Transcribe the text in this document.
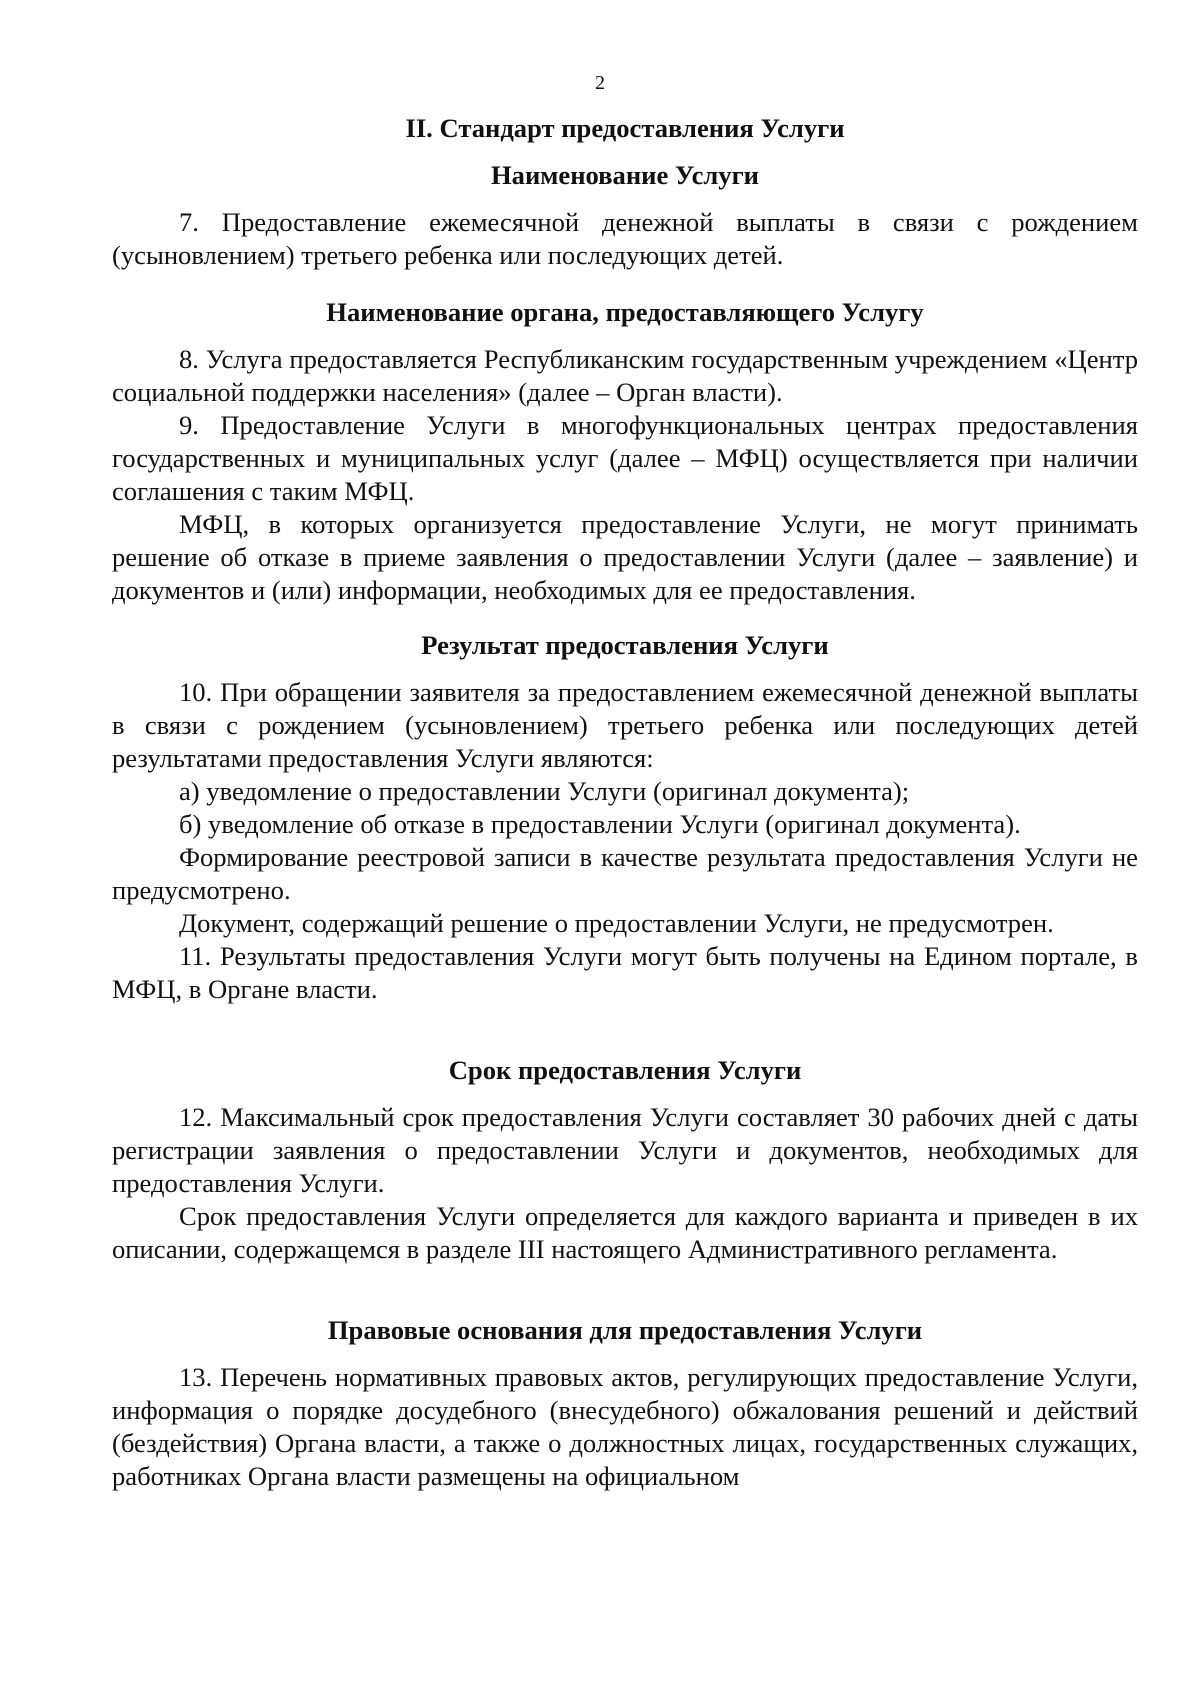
2
II. Стандарт предоставления Услуги
Наименование Услуги

7. Предоставление ежемесячной денежной выплаты в связи с рождением (усыновлением) третьего ребенка или последующих детей.

Наименование органа, предоставляющего Услугу

8. Услуга предоставляется Республиканским государственным учреждением «Центр социальной поддержки населения» (далее – Орган власти).

9. Предоставление Услуги в многофункциональных центрах предоставления государственных и муниципальных услуг (далее – МФЦ) осуществляется при наличии соглашения с таким МФЦ.

МФЦ, в которых организуется предоставление Услуги, не могут принимать решение об отказе в приеме заявления о предоставлении Услуги (далее – заявление) и документов и (или) информации, необходимых для ее предоставления.

Результат предоставления Услуги

10. При обращении заявителя за предоставлением ежемесячной денежной выплаты в связи с рождением (усыновлением) третьего ребенка или последующих детей результатами предоставления Услуги являются:

а) уведомление о предоставлении Услуги (оригинал документа);

б) уведомление об отказе в предоставлении Услуги (оригинал документа).

Формирование реестровой записи в качестве результата предоставления Услуги не предусмотрено.

Документ, содержащий решение о предоставлении Услуги, не предусмотрен.

11. Результаты предоставления Услуги могут быть получены на Едином портале, в МФЦ, в Органе власти.

Срок предоставления Услуги

12. Максимальный срок предоставления Услуги составляет 30 рабочих дней с даты регистрации заявления о предоставлении Услуги и документов, необходимых для предоставления Услуги.

Срок предоставления Услуги определяется для каждого варианта и приведен в их описании, содержащемся в разделе III настоящего Административного регламента.

Правовые основания для предоставления Услуги

13. Перечень нормативных правовых актов, регулирующих предоставление Услуги, информация о порядке досудебного (внесудебного) обжалования решений и действий (бездействия) Органа власти, а также о должностных лицах, государственных служащих, работниках Органа власти размещены на официальном
